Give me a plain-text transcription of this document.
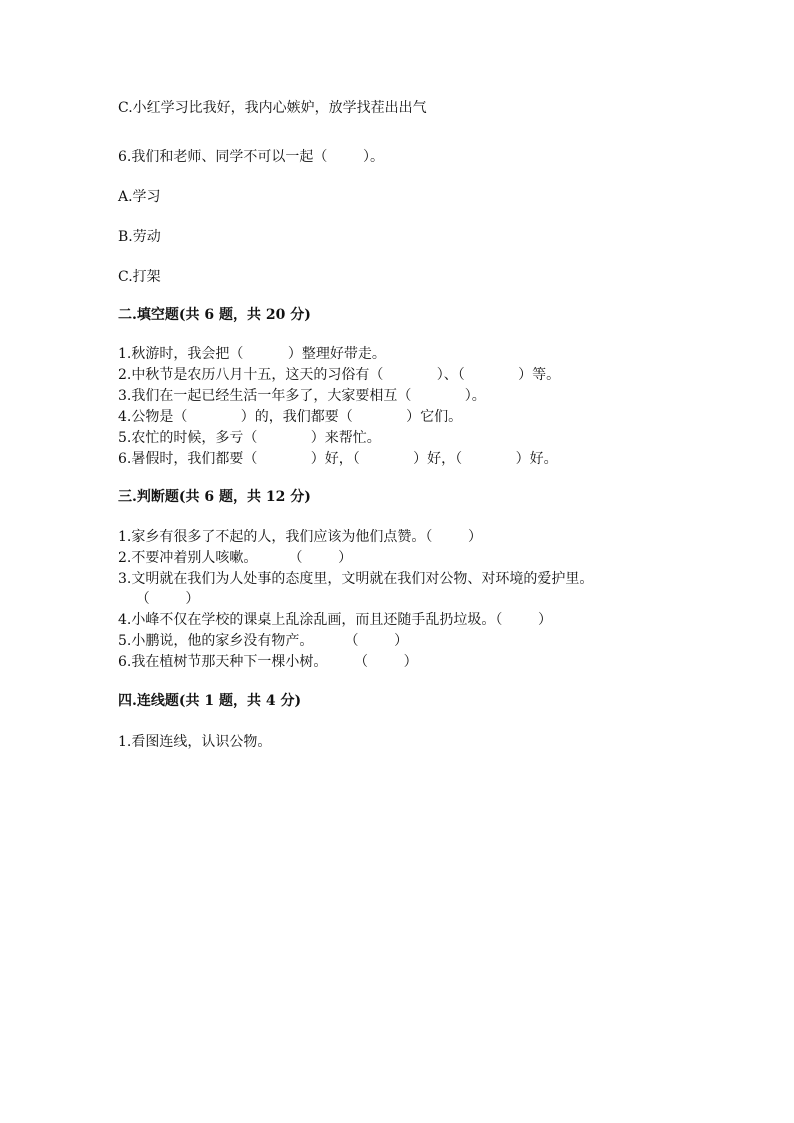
C.小红学习比我好，我内心嫉妒，放学找茬出出气
6.我们和老师、同学不可以一起（        ）。
A.学习
B.劳动
C.打架
二.填空题(共 6 题，共 20 分)
1.秋游时，我会把（          ）整理好带走。
2.中秋节是农历八月十五，这天的习俗有（            ）、（            ）等。
3.我们在一起已经生活一年多了，大家要相互（            ）。
4.公物是（            ）的，我们都要（            ）它们。
5.农忙的时候，多亏（            ）来帮忙。
6.暑假时，我们都要（            ）好，（            ）好，（            ）好。
三.判断题(共 6 题，共 12 分)
1.家乡有很多了不起的人，我们应该为他们点赞。（        ）
2.不要冲着别人咳嗽。       （        ）
3.文明就在我们为人处事的态度里，文明就在我们对公物、对环境的爱护里。
（        ）
4.小峰不仅在学校的课桌上乱涂乱画，而且还随手乱扔垃圾。（        ）
5.小鹏说，他的家乡没有物产。       （        ）
6.我在植树节那天种下一棵小树。      （        ）
四.连线题(共 1 题，共 4 分)
1.看图连线，认识公物。
